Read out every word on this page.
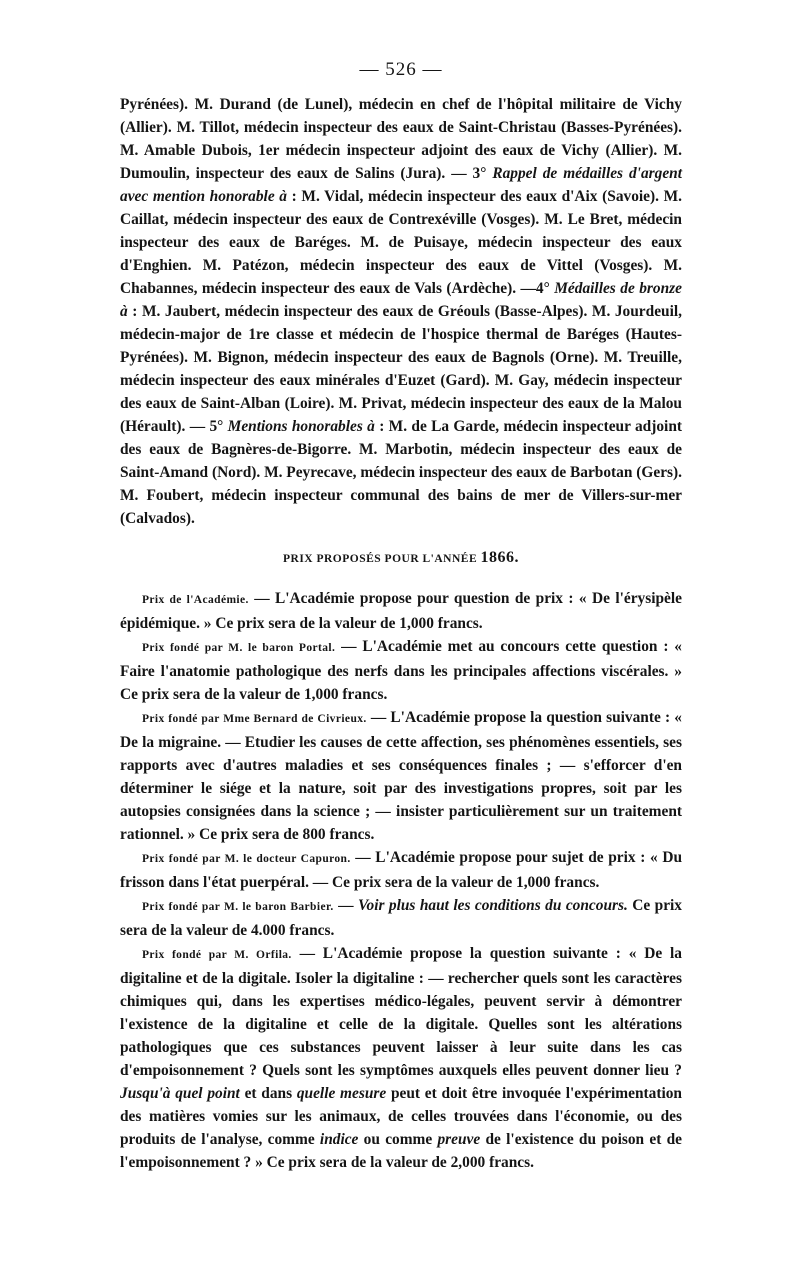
— 526 —

Pyrénées). M. Durand (de Lunel), médecin en chef de l'hôpital militaire de Vichy (Allier). M. Tillot, médecin inspecteur des eaux de Saint-Christau (Basses-Pyrénées). M. Amable Dubois, 1er médecin inspecteur adjoint des eaux de Vichy (Allier). M. Dumoulin, inspecteur des eaux de Salins (Jura). — 3° Rappel de médailles d'argent avec mention honorable à : M. Vidal, médecin inspecteur des eaux d'Aix (Savoie). M. Caillat, médecin inspecteur des eaux de Contrexéville (Vosges). M. Le Bret, médecin inspecteur des eaux de Baréges. M. de Puisaye, médecin inspecteur des eaux d'Enghien. M. Patézon, médecin inspecteur des eaux de Vittel (Vosges). M. Chabannes, médecin inspecteur des eaux de Vals (Ardèche). —4° Médailles de bronze à : M. Jaubert, médecin inspecteur des eaux de Gréouls (Basse-Alpes). M. Jourdeuil, médecin-major de 1re classe et médecin de l'hospice thermal de Baréges (Hautes-Pyrénées). M. Bignon, médecin inspecteur des eaux de Bagnols (Orne). M. Treuille, médecin inspecteur des eaux minérales d'Euzet (Gard). M. Gay, médecin inspecteur des eaux de Saint-Alban (Loire). M. Privat, médecin inspecteur des eaux de la Malou (Hérault). — 5° Mentions honorables à : M. de La Garde, médecin inspecteur adjoint des eaux de Bagnères-de-Bigorre. M. Marbotin, médecin inspecteur des eaux de Saint-Amand (Nord). M. Peyrecave, médecin inspecteur des eaux de Barbotan (Gers). M. Foubert, médecin inspecteur communal des bains de mer de Villers-sur-mer (Calvados).

PRIX PROPOSÉS POUR L'ANNÉE 1866.

Prix de l'Académie. — L'Académie propose pour question de prix : « De l'érysipèle épidémique. » Ce prix sera de la valeur de 1,000 francs.

Prix fondé par M. le baron Portal. — L'Académie met au concours cette question : « Faire l'anatomie pathologique des nerfs dans les principales affections viscérales. » Ce prix sera de la valeur de 1,000 francs.

Prix fondé par Mme Bernard de Civrieux. — L'Académie propose la question suivante : « De la migraine. — Etudier les causes de cette affection, ses phénomènes essentiels, ses rapports avec d'autres maladies et ses conséquences finales ; — s'efforcer d'en déterminer le siége et la nature, soit par des investigations propres, soit par les autopsies consignées dans la science ; — insister particulièrement sur un traitement rationnel. » Ce prix sera de 800 francs.

Prix fondé par M. le docteur Capuron. — L'Académie propose pour sujet de prix : « Du frisson dans l'état puerpéral. — Ce prix sera de la valeur de 1,000 francs.

Prix fondé par M. le baron Barbier. — Voir plus haut les conditions du concours. Ce prix sera de la valeur de 4.000 francs.

Prix fondé par M. Orfila. — L'Académie propose la question suivante : « De la digitaline et de la digitale. Isoler la digitaline : — rechercher quels sont les caractères chimiques qui, dans les expertises médico-légales, peuvent servir à démontrer l'existence de la digitaline et celle de la digitale. Quelles sont les altérations pathologiques que ces substances peuvent laisser à leur suite dans les cas d'empoisonnement ? Quels sont les symptômes auxquels elles peuvent donner lieu ? Jusqu'à quel point et dans quelle mesure peut et doit être invoquée l'expérimentation des matières vomies sur les animaux, de celles trouvées dans l'économie, ou des produits de l'analyse, comme indice ou comme preuve de l'existence du poison et de l'empoisonnement ? » Ce prix sera de la valeur de 2,000 francs.
